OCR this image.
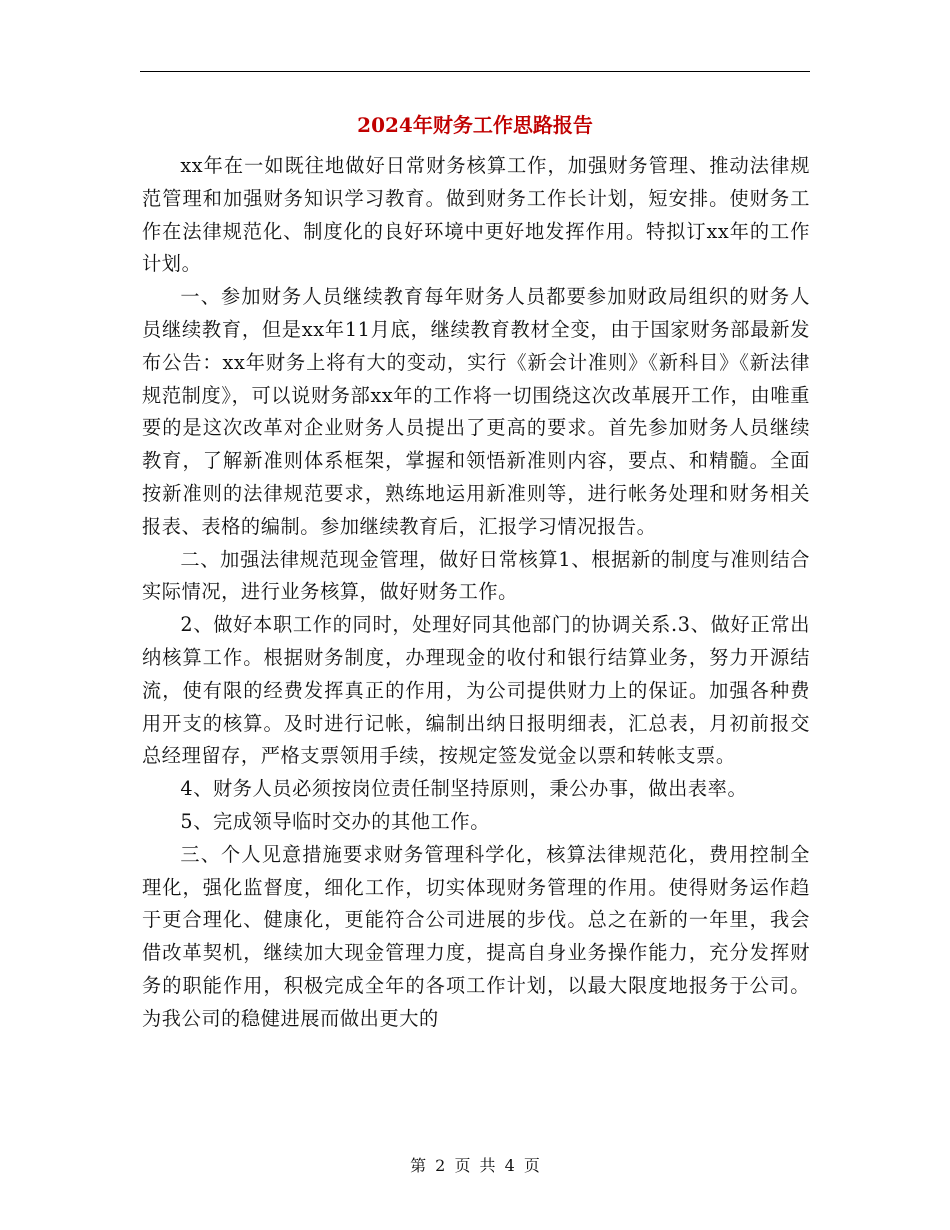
2024年财务工作思路报告

xx年在一如既往地做好日常财务核算工作，加强财务管理、推动法律规范管理和加强财务知识学习教育。做到财务工作长计划，短安排。使财务工作在法律规范化、制度化的良好环境中更好地发挥作用。特拟订xx年的工作计划。

一、参加财务人员继续教育每年财务人员都要参加财政局组织的财务人员继续教育，但是xx年11月底，继续教育教材全变，由于国家财务部最新发布公告：xx年财务上将有大的变动，实行《新会计准则》《新科目》《新法律规范制度》，可以说财务部xx年的工作将一切围绕这次改革展开工作，由唯重要的是这次改革对企业财务人员提出了更高的要求。首先参加财务人员继续教育，了解新准则体系框架，掌握和领悟新准则内容，要点、和精髓。全面按新准则的法律规范要求，熟练地运用新准则等，进行帐务处理和财务相关报表、表格的编制。参加继续教育后，汇报学习情况报告。

二、加强法律规范现金管理，做好日常核算1、根据新的制度与准则结合实际情况，进行业务核算，做好财务工作。

2、做好本职工作的同时，处理好同其他部门的协调关系.3、做好正常出纳核算工作。根据财务制度，办理现金的收付和银行结算业务，努力开源结流，使有限的经费发挥真正的作用，为公司提供财力上的保证。加强各种费用开支的核算。及时进行记帐，编制出纳日报明细表，汇总表，月初前报交总经理留存，严格支票领用手续，按规定签发觉金以票和转帐支票。

4、财务人员必须按岗位责任制坚持原则，秉公办事，做出表率。

5、完成领导临时交办的其他工作。

三、个人见意措施要求财务管理科学化，核算法律规范化，费用控制全理化，强化监督度，细化工作，切实体现财务管理的作用。使得财务运作趋于更合理化、健康化，更能符合公司进展的步伐。总之在新的一年里，我会借改革契机，继续加大现金管理力度，提高自身业务操作能力，充分发挥财务的职能作用，积极完成全年的各项工作计划，以最大限度地报务于公司。为我公司的稳健进展而做出更大的

第 2 页 共 4 页
